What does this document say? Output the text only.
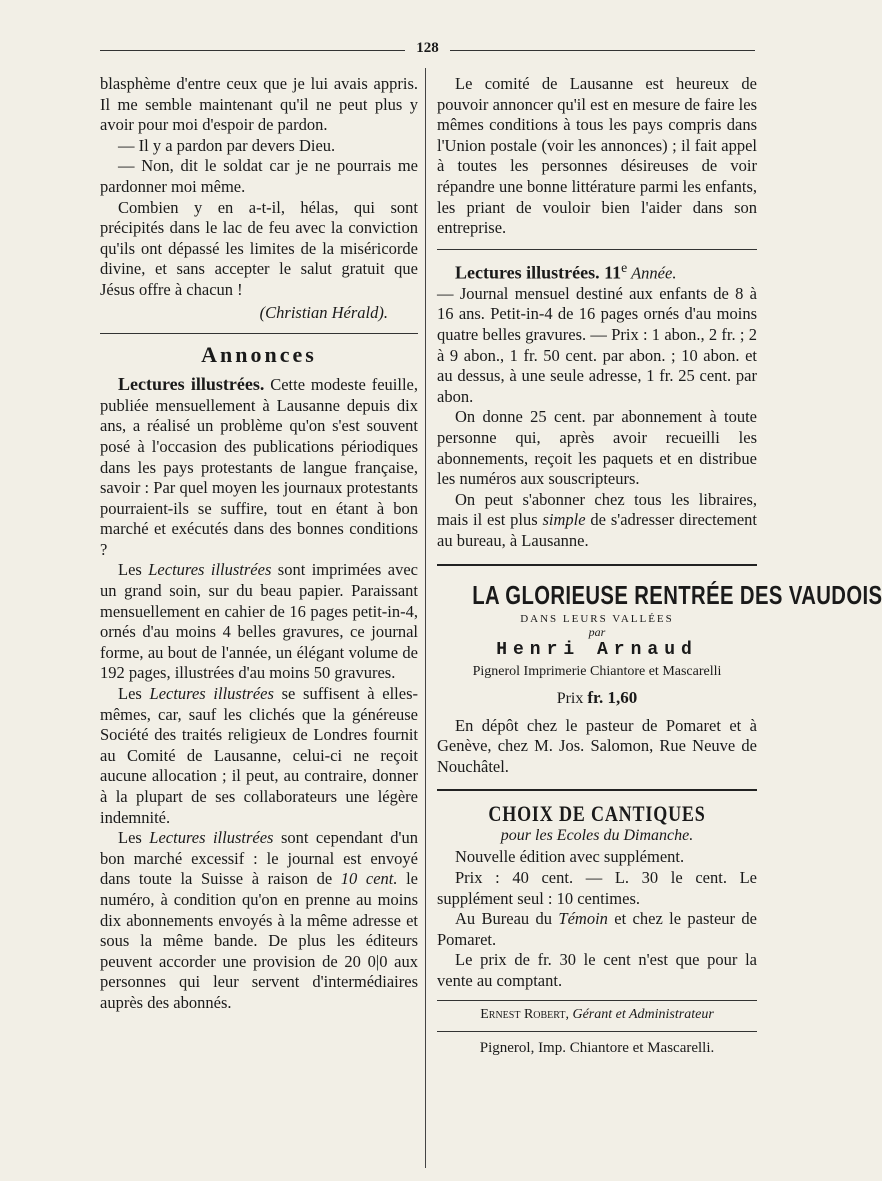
128

blasphème d'entre ceux que je lui avais appris. Il me semble maintenant qu'il ne peut plus y avoir pour moi d'espoir de pardon.

— Il y a pardon par devers Dieu.

— Non, dit le soldat car je ne pourrais me pardonner moi même.

Combien y en a-t-il, hélas, qui sont précipités dans le lac de feu avec la conviction qu'ils ont dépassé les limites de la miséricorde divine, et sans accepter le salut gratuit que Jésus offre à chacun !

(Christian Hérald).

Annonces

Lectures illustrées. Cette modeste feuille, publiée mensuellement à Lausanne depuis dix ans, a réalisé un problème qu'on s'est souvent posé à l'occasion des publications périodiques dans les pays protestants de langue française, savoir : Par quel moyen les journaux protestants pourraient-ils se suffire, tout en étant à bon marché et exécutés dans des bonnes conditions ?

Les Lectures illustrées sont imprimées avec un grand soin, sur du beau papier. Paraissant mensuellement en cahier de 16 pages petit-in-4, ornés d'au moins 4 belles gravures, ce journal forme, au bout de l'année, un élégant volume de 192 pages, illustrées d'au moins 50 gravures.

Les Lectures illustrées se suffisent à elles-mêmes, car, sauf les clichés que la généreuse Société des traités religieux de Londres fournit au Comité de Lausanne, celui-ci ne reçoit aucune allocation ; il peut, au contraire, donner à la plupart de ses collaborateurs une légère indemnité.

Les Lectures illustrées sont cependant d'un bon marché excessif : le journal est envoyé dans toute la Suisse à raison de 10 cent. le numéro, à condition qu'on en prenne au moins dix abonnements envoyés à la même adresse et sous la même bande. De plus les éditeurs peuvent accorder une provision de 20 0|0 aux personnes qui leur servent d'intermédiaires auprès des abonnés.

Le comité de Lausanne est heureux de pouvoir annoncer qu'il est en mesure de faire les mêmes conditions à tous les pays compris dans l'Union postale (voir les annonces) ; il fait appel à toutes les personnes désireuses de voir répandre une bonne littérature parmi les enfants, les priant de vouloir bien l'aider dans son entreprise.

Lectures illustrées. 11e Année.

— Journal mensuel destiné aux enfants de 8 à 16 ans. Petit-in-4 de 16 pages ornés d'au moins quatre belles gravures. — Prix : 1 abon., 2 fr. ; 2 à 9 abon., 1 fr. 50 cent. par abon. ; 10 abon. et au dessus, à une seule adresse, 1 fr. 25 cent. par abon.

On donne 25 cent. par abonnement à toute personne qui, après avoir recueilli les abonnements, reçoit les paquets et en distribue les numéros aux souscripteurs.

On peut s'abonner chez tous les libraires, mais il est plus simple de s'adresser directement au bureau, à Lausanne.

LA GLORIEUSE RENTRÉE DES VAUDOIS
DANS LEURS VALLÉES
par
Henri Arnaud
Pignerol Imprimerie Chiantore et Mascarelli
Prix fr. 1,60

En dépôt chez le pasteur de Pomaret et à Genève, chez M. Jos. Salomon, Rue Neuve de Nouchâtel.

CHOIX DE CANTIQUES
pour les Ecoles du Dimanche.

Nouvelle édition avec supplément.

Prix : 40 cent. — L. 30 le cent. Le supplément seul : 10 centimes.

Au Bureau du Témoin et chez le pasteur de Pomaret.

Le prix de fr. 30 le cent n'est que pour la vente au comptant.

Ernest Robert, Gérant et Administrateur
Pignerol, Imp. Chiantore et Mascarelli.
